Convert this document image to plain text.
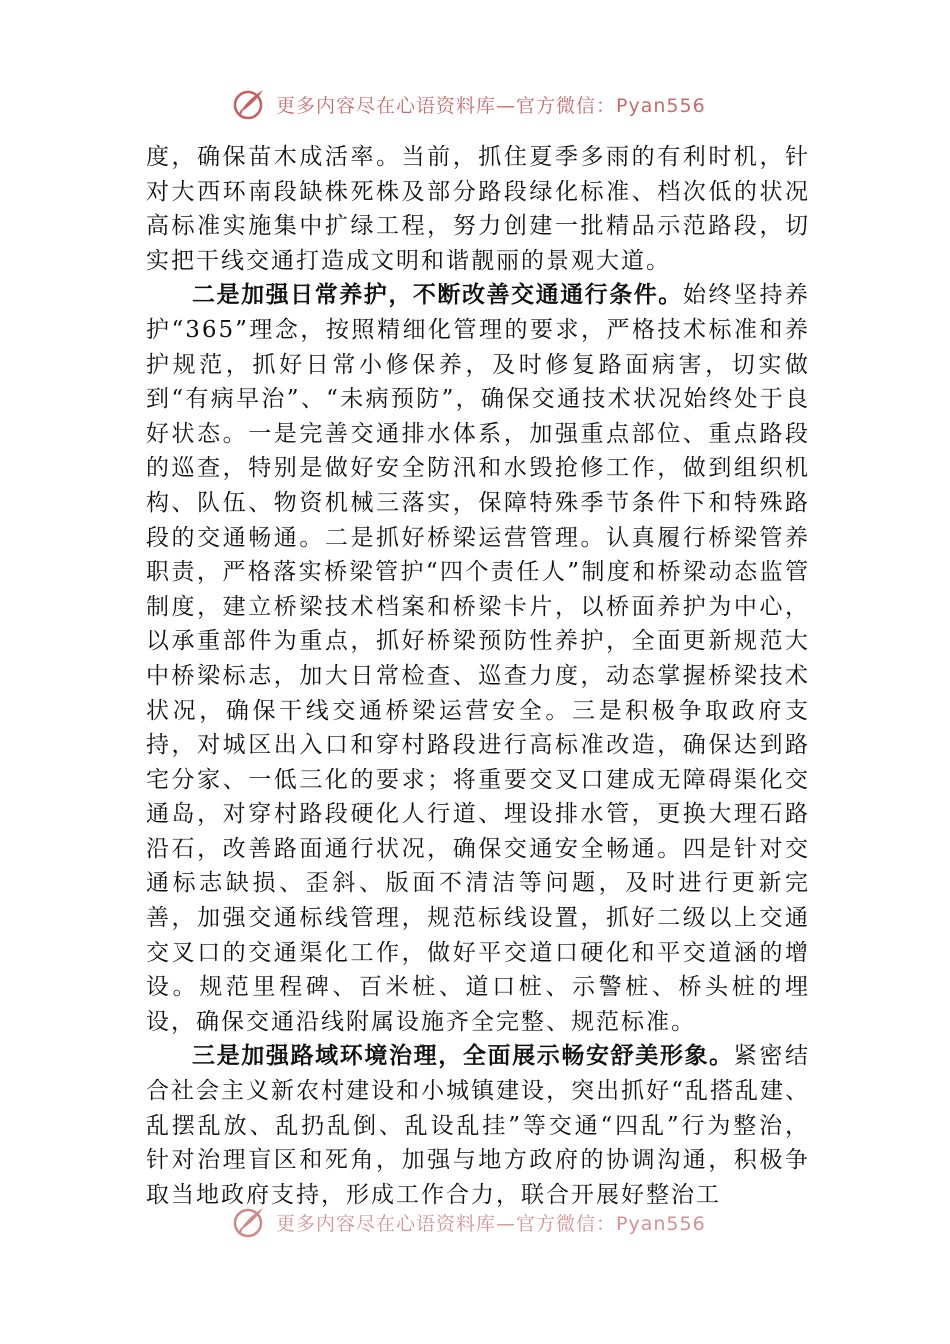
更多内容尽在心语资料库—官方微信：Pyan556

度，确保苗木成活率。当前，抓住夏季多雨的有利时机，针对大西环南段缺株死株及部分路段绿化标准、档次低的状况高标准实施集中扩绿工程，努力创建一批精品示范路段，切实把干线交通打造成文明和谐靓丽的景观大道。

二是加强日常养护，不断改善交通通行条件。始终坚持养护“365”理念，按照精细化管理的要求，严格技术标准和养护规范，抓好日常小修保养，及时修复路面病害，切实做到“有病早治”、“未病预防”，确保交通技术状况始终处于良好状态。一是完善交通排水体系，加强重点部位、重点路段的巡查，特别是做好安全防汛和水毁抢修工作，做到组织机构、队伍、物资机械三落实，保障特殊季节条件下和特殊路段的交通畅通。二是抓好桥梁运营管理。认真履行桥梁管养职责，严格落实桥梁管护“四个责任人”制度和桥梁动态监管制度，建立桥梁技术档案和桥梁卡片，以桥面养护为中心，以承重部件为重点，抓好桥梁预防性养护，全面更新规范大中桥梁标志，加大日常检查、巡查力度，动态掌握桥梁技术状况，确保干线交通桥梁运营安全。三是积极争取政府支持，对城区出入口和穿村路段进行高标准改造，确保达到路宅分家、一低三化的要求；将重要交叉口建成无障碍渠化交通岛，对穿村路段硬化人行道、埋设排水管，更换大理石路沿石，改善路面通行状况，确保交通安全畅通。四是针对交通标志缺损、歪斜、版面不清洁等问题，及时进行更新完善，加强交通标线管理，规范标线设置，抓好二级以上交通交叉口的交通渠化工作，做好平交道口硬化和平交道涵的增设。规范里程碑、百米桩、道口桩、示警桩、桥头桩的埋设，确保交通沿线附属设施齐全完整、规范标准。

三是加强路域环境治理，全面展示畅安舒美形象。紧密结合社会主义新农村建设和小城镇建设，突出抓好“乱搭乱建、乱摆乱放、乱扔乱倒、乱设乱挂”等交通“四乱”行为整治，针对治理盲区和死角，加强与地方政府的协调沟通，积极争取当地政府支持，形成工作合力，联合开展好整治工

更多内容尽在心语资料库—官方微信：Pyan556
